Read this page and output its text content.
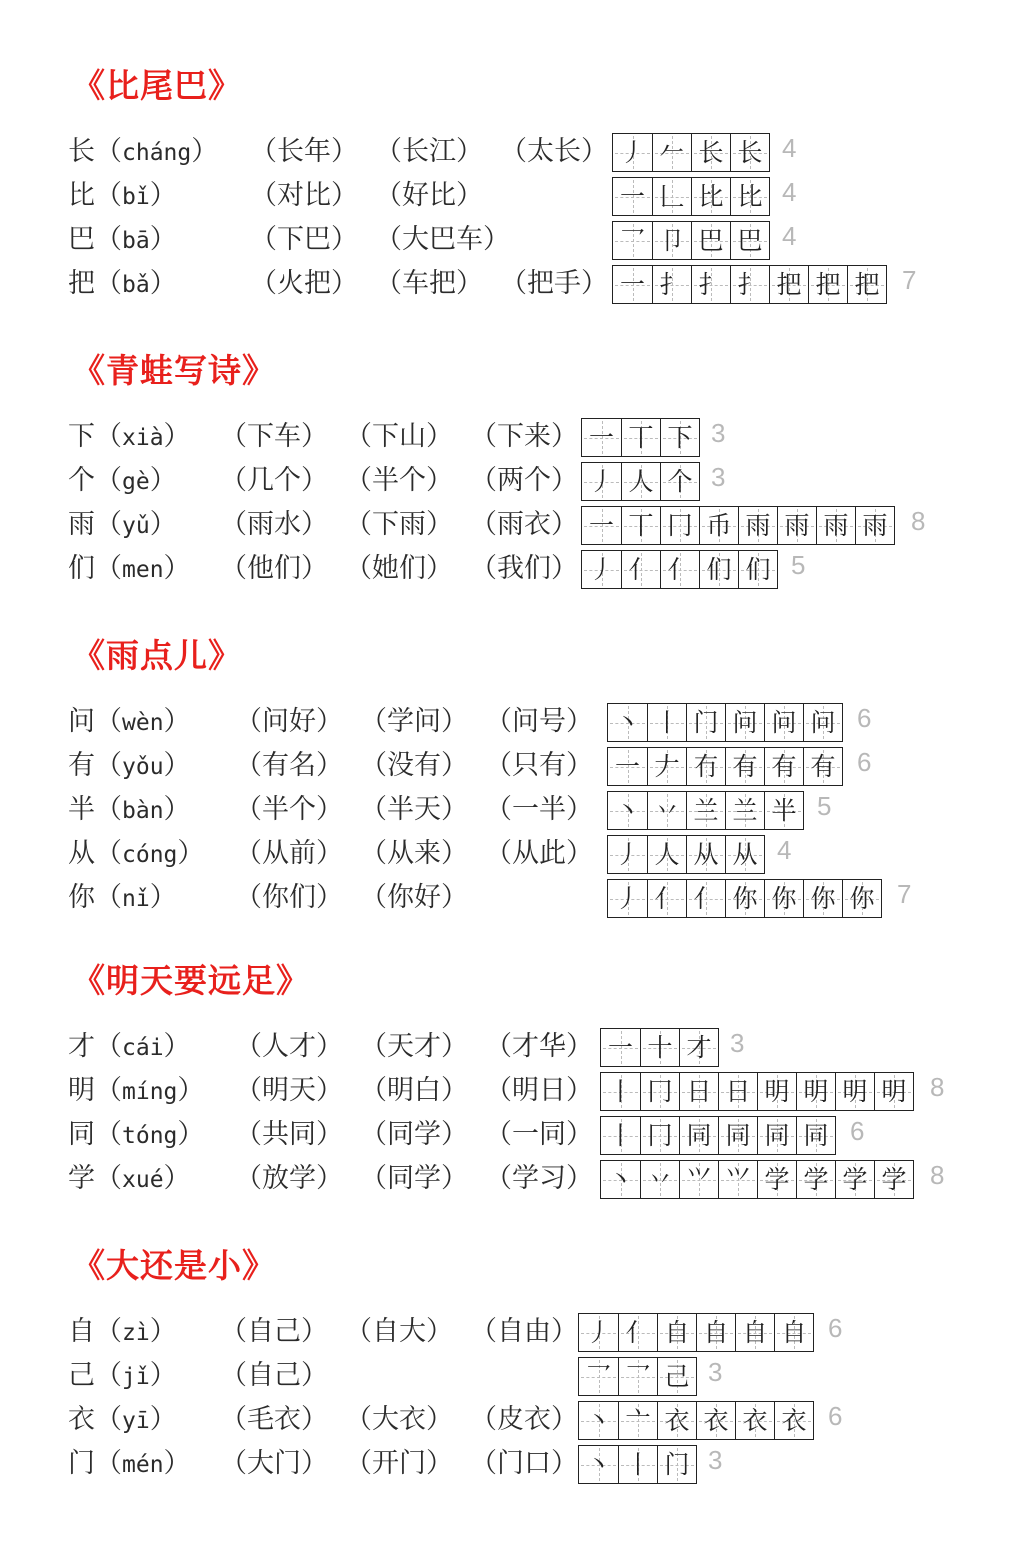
《比尾巴》
长（cháng） （长年） （长江） （太长） 丿 𠂉 长 长 4
比（bǐ）	（对比） （好比）	一 𠃊 比 比 4
巴（bā）	（下巴） （大巴车）	乛 卩 巴 巴 4
把（bǎ）	（火把） （车把） （把手） 一 扌 扌 扌 把 把 把 7
《青蛙写诗》
下（xià） （下车） （下山） （下来） 一 丅 下 3
个（gè） （几个） （半个） （两个） 丿 人 个 3
雨（yǔ） （雨水） （下雨） （雨衣） 一 丅 冂 币 雨 雨 雨 雨 8
们（men） （他们） （她们） （我们） 丿 亻 亻 们 们 5
《雨点儿》
问（wèn） （问好） （学问） （问号） 丶 丨 门 问 问 问 6
有（yǒu） （有名） （没有） （只有） 一 𠂇 冇 有 有 有 6
半（bàn） （半个） （半天） （一半） 丶 丷 兰 兰 半 5
从（cóng） （从前） （从来） （从此） 丿 人 从 从 4
你（nǐ） （你们） （你好）	丿 亻 亻 你 你 你 你 7
《明天要远足》
才（cái） （人才） （天才） （才华） 一 十 才 3
明（míng） （明天） （明白） （明日） 丨 冂 日 日 明 明 明 明 8
同（tóng） （共同） （同学） （一同） 丨 冂 同 同 同 同 6
学（xué） （放学） （同学） （学习） 丶 丷 ⺍ ⺍ 学 学 学 学 8
《大还是小》
自（zì） （自己） （自大） （自由） 丿 亻 自 自 自 自 6
己（jǐ） （自己）	乛 乛 己 3
衣（yī） （毛衣） （大衣） （皮衣） 丶 亠 衣 衣 衣 衣 6
门（mén） （大门） （开门） （门口） 丶 丨 门 3
